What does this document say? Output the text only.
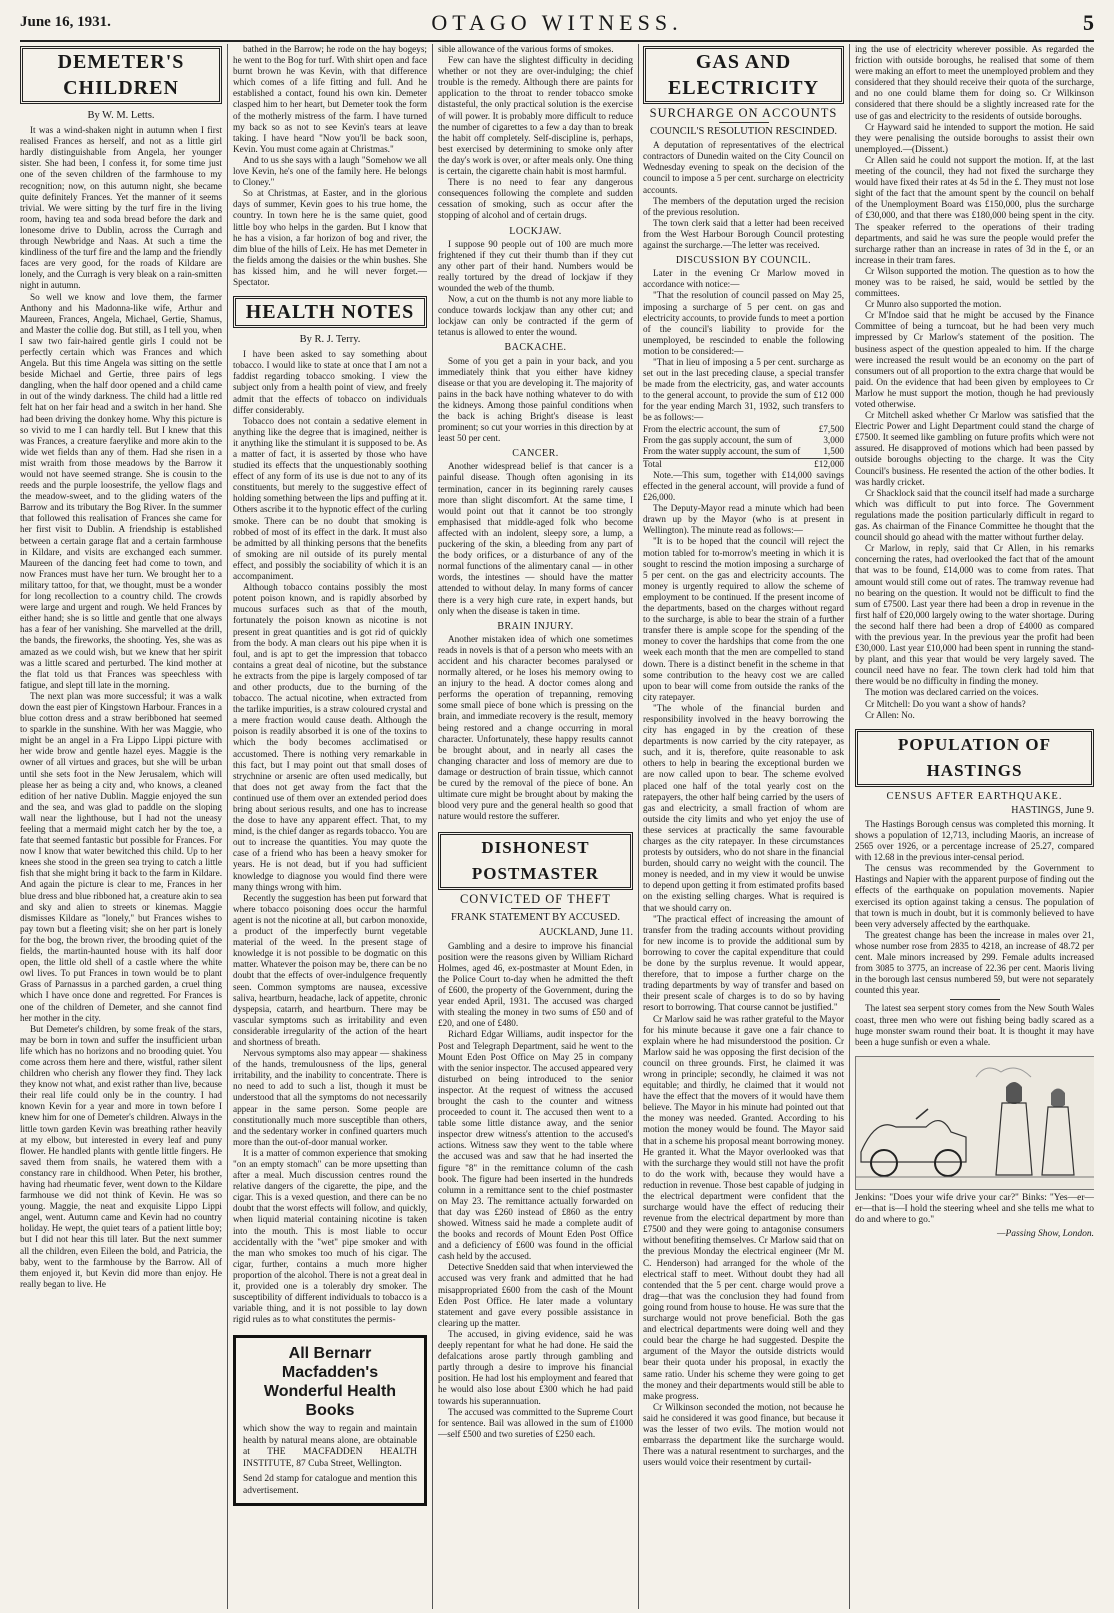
June 16, 1931.	OTAGO WITNESS.	5
DEMETER'S CHILDREN
By W. M. Letts.

It was a wind-shaken night in autumn when I first realised Frances as herself, and not as a little girl hardly distinguishable from Angela, her younger sister. She had been, I confess it, for some time just one of the seven children of the farmhouse to my recognition; now, on this autumn night, she became quite definitely Frances. Yet the manner of it seems trivial. We were sitting by the turf fire in the living room, having tea and soda bread before the dark and lonesome drive to Dublin, across the Curragh and through Newbridge and Naas. At such a time the kindliness of the turf fire and the lamp and the friendly faces are very good, for the roads of Kildare are lonely, and the Curragh is very bleak on a rain-smitten night in autumn.

So well we know and love them, the farmer Anthony and his Madonna-like wife, Arthur and Maureen, Frances, Angela, Michael, Gertie, Shamus, and Master the collie dog. But still, as I tell you, when I saw two fair-haired gentle girls I could not be perfectly certain which was Frances and which Angela. But this time Angela was sitting on the settle beside Michael and Gertie, three pairs of legs dangling, when the half door opened and a child came in out of the windy darkness. The child had a little red felt hat on her fair head and a switch in her hand. She had been driving the donkey home. Why this picture is so vivid to me I can hardly tell. But I knew that this was Frances, a creature faerylike and more akin to the wide wet fields than any of them. Had she risen in a mist wraith from those meadows by the Barrow it would not have seemed strange. She is cousin to the reeds and the purple loosestrife, the yellow flags and the meadow-sweet, and to the gliding waters of the Barrow and its tributary the Bog River. In the summer that followed this realisation of Frances she came for her first visit to Dublin. A friendship is established between a certain garage flat and a certain farmhouse in Kildare, and visits are exchanged each summer. Maureen of the dancing feet had come to town, and now Frances must have her turn. We brought her to a military tattoo, for that, we thought, must be a wonder for long recollection to a country child. The crowds were large and urgent and rough. We held Frances by either hand; she is so little and gentle that one always has a fear of her vanishing. She marvelled at the drill, the bands, the fireworks, the shooting. Yes, she was as amazed as we could wish, but we knew that her spirit was a little scared and perturbed. The kind mother at the flat told us that Frances was speechless with fatigue, and slept till late in the morning.

The next plan was more successful; it was a walk down the east pier of Kingstown Harbour. Frances in a blue cotton dress and a straw beribboned hat seemed to sparkle in the sunshine. With her was Maggie, who might be an angel in a Fra Lippo Lippi picture with her wide brow and gentle hazel eyes. Maggie is the owner of all virtues and graces, but she will be urban until she sets foot in the New Jerusalem, which will please her as being a city and, who knows, a cleaned edition of her native Dublin. Maggie enjoyed the sun and the sea, and was glad to paddle on the sloping wall near the lighthouse, but I had not the uneasy feeling that a mermaid might catch her by the toe, a fate that seemed fantastic but possible for Frances. For now I know that water bewitched this child. Up to her knees she stood in the green sea trying to catch a little fish that she might bring it back to the farm in Kildare. And again the picture is clear to me, Frances in her blue dress and blue ribboned hat, a creature akin to sea and sky and alien to streets or kinemas. Maggie dismisses Kildare as "lonely," but Frances wishes to pay town but a fleeting visit; she on her part is lonely for the bog, the brown river, the brooding quiet of the fields, the martin-haunted house with its half door open, the little old shell of a castle where the white owl lives. To put Frances in town would be to plant Grass of Parnassus in a parched garden, a cruel thing which I have once done and regretted. For Frances is one of the children of Demeter, and she cannot find her mother in the city.

But Demeter's children, by some freak of the stars, may be born in town and suffer the insufficient urban life which has no horizons and no brooding quiet. You come across them here and there, wistful, rather silent children who cherish any flower they find. They lack they know not what, and exist rather than live, because their real life could only be in the country. I had known Kevin for a year and more in town before I knew him for one of Demeter's children. Always in the little town garden Kevin was breathing rather heavily at my elbow, but interested in every leaf and puny flower. He handled plants with gentle little fingers. He saved them from snails, he watered them with a constancy rare in childhood. When Peter, his brother, having had rheumatic fever, went down to the Kildare farmhouse we did not think of Kevin. He was so young. Maggie, the neat and exquisite Lippo Lippi angel, went. Autumn came and Kevin had no country holiday. He wept, the quiet tears of a patient little boy; but I did not hear this till later. But the next summer all the children, even Eileen the bold, and Patricia, the baby, went to the farmhouse by the Barrow. All of them enjoyed it, but Kevin did more than enjoy. He really began to live. He

bathed in the Barrow; he rode on the hay bogeys; he went to the Bog for turf. With shirt open and face burnt brown he was Kevin, with that difference which comes of a life fitting and full. And he established a contact, found his own kin. Demeter clasped him to her heart, but Demeter took the form of the motherly mistress of the farm. I have turned my back so as not to see Kevin's tears at leave taking. I have heard "Now you'll be back soon, Kevin. You must come again at Christmas."

And to us she says with a laugh "Somehow we all love Kevin, he's one of the family here. He belongs to Cloney."

So at Christmas, at Easter, and in the glorious days of summer, Kevin goes to his true home, the country. In town here he is the same quiet, good little boy who helps in the garden. But I know that he has a vision, a far horizon of bog and river, the dim blue of the hills of Leix. He has met Demeter in the fields among the daisies or the whin bushes. She has kissed him, and he will never forget.—Spectator.

HEALTH NOTES
By R. J. Terry.

I have been asked to say something about tobacco. I would like to state at once that I am not a faddist regarding tobacco smoking. I view the subject only from a health point of view, and freely admit that the effects of tobacco on individuals differ considerably.

Tobacco does not contain a sedative element in anything like the degree that is imagined, neither is it anything like the stimulant it is supposed to be. As a matter of fact, it is asserted by those who have studied its effects that the unquestionably soothing effect of any form of its use is due not to any of its constituents, but merely to the suggestive effect of holding something between the lips and puffing at it. Others ascribe it to the hypnotic effect of the curling smoke. There can be no doubt that smoking is robbed of most of its effect in the dark. It must also be admitted by all thinking persons that the benefits of smoking are nil outside of its purely mental effect, and possibly the sociability of which it is an accompaniment.

Although tobacco contains possibly the most potent poison known, and is rapidly absorbed by mucous surfaces such as that of the mouth, fortunately the poison known as nicotine is not present in great quantities and is got rid of quickly from the body. A man clears out his pipe when it is foul, and is apt to get the impression that tobacco contains a great deal of nicotine, but the substance he extracts from the pipe is largely composed of tar and other products, due to the burning of the tobacco. The actual nicotine, when extracted from the tarlike impurities, is a straw coloured crystal and a mere fraction would cause death. Although the poison is readily absorbed it is one of the toxins to which the body becomes acclimatised or accustomed. There is nothing very remarkable in this fact, but I may point out that small doses of strychnine or arsenic are often used medically, but that does not get away from the fact that the continued use of them over an extended period does bring about serious results, and one has to increase the dose to have any apparent effect. That, to my mind, is the chief danger as regards tobacco. You are out to increase the quantities. You may quote the case of a friend who has been a heavy smoker for years. He is not dead, but if you had sufficient knowledge to diagnose you would find there were many things wrong with him.

Recently the suggestion has been put forward that where tobacco poisoning does occur the harmful agent is not the nicotine at all, but carbon monoxide, a product of the imperfectly burnt vegetable material of the weed. In the present stage of knowledge it is not possible to be dogmatic on this matter. Whatever the poison may be, there can be no doubt that the effects of over-indulgence frequently seen. Common symptoms are nausea, excessive saliva, heartburn, headache, lack of appetite, chronic dyspepsia, catarrh, and heartburn. There may be vascular symptoms such as irritability and even considerable irregularity of the action of the heart and shortness of breath.

Nervous symptoms also may appear — shakiness of the hands, tremulousness of the lips, general irritability, and the inability to concentrate. There is no need to add to such a list, though it must be understood that all the symptoms do not necessarily appear in the same person. Some people are constitutionally much more susceptible than others, and the sedentary worker in confined quarters much more than the out-of-door manual worker.

It is a matter of common experience that smoking "on an empty stomach" can be more upsetting than after a meal. Much discussion centres round the relative dangers of the cigarette, the pipe, and the cigar. This is a vexed question, and there can be no doubt that the worst effects will follow, and quickly, when liquid material containing nicotine is taken into the mouth. This is most liable to occur accidentally with the "wet" pipe smoker and with the man who smokes too much of his cigar. The cigar, further, contains a much more higher proportion of the alcohol. There is not a great deal in it, provided one is a tolerably dry smoker. The susceptibility of different individuals to tobacco is a variable thing, and it is not possible to lay down rigid rules as to what constitutes the permis-

All Bernarr Macfadden's Wonderful Health Books
which show the way to regain and maintain health by natural means alone, are obtainable at THE MACFADDEN HEALTH INSTITUTE, 87 Cuba Street, Wellington.
Send 2d stamp for catalogue and mention this advertisement.

sible allowance of the various forms of smokes.

Few can have the slightest difficulty in deciding whether or not they are over-indulging; the chief trouble is the remedy. Although there are paints for application to the throat to render tobacco smoke distasteful, the only practical solution is the exercise of will power. It is probably more difficult to reduce the number of cigarettes to a few a day than to break the habit off completely. Self-discipline is, perhaps, best exercised by determining to smoke only after the day's work is over, or after meals only. One thing is certain, the cigarette chain habit is most harmful.

There is no need to fear any dangerous consequences following the complete and sudden cessation of smoking, such as occur after the stopping of alcohol and of certain drugs.

LOCKJAW.

I suppose 90 people out of 100 are much more frightened if they cut their thumb than if they cut any other part of their hand. Numbers would be really tortured by the dread of lockjaw if they wounded the web of the thumb.

Now, a cut on the thumb is not any more liable to conduce towards lockjaw than any other cut; and lockjaw can only be contracted if the germ of tetanus is allowed to enter the wound.

BACKACHE.

Some of you get a pain in your back, and you immediately think that you either have kidney disease or that you are developing it. The majority of pains in the back have nothing whatever to do with the kidneys. Among those painful conditions when the back is aching Bright's disease is least prominent; so cut your worries in this direction by at least 50 per cent.

CANCER.

Another widespread belief is that cancer is a painful disease. Though often agonising in its termination, cancer in its beginning rarely causes more than slight discomfort. At the same time, I would point out that it cannot be too strongly emphasised that middle-aged folk who become affected with an indolent, sleepy sore, a lump, a puckering of the skin, a bleeding from any part of the body orifices, or a disturbance of any of the normal functions of the alimentary canal — in other words, the intestines — should have the matter attended to without delay. In many forms of cancer there is a very high cure rate, in expert hands, but only when the disease is taken in time.

BRAIN INJURY.

Another mistaken idea of which one sometimes reads in novels is that of a person who meets with an accident and his character becomes paralysed or normally altered, or he loses his memory owing to an injury to the head. A doctor comes along and performs the operation of trepanning, removing some small piece of bone which is pressing on the brain, and immediate recovery is the result, memory being restored and a change occurring in moral character. Unfortunately, these happy results cannot be brought about, and in nearly all cases the changing character and loss of memory are due to damage or destruction of brain tissue, which cannot be cured by the removal of the piece of bone. An ultimate cure might be brought about by making the blood very pure and the general health so good that nature would restore the sufferer.

DISHONEST POSTMASTER
CONVICTED OF THEFT
FRANK STATEMENT BY ACCUSED.
AUCKLAND, June 11.

Gambling and a desire to improve his financial position were the reasons given by William Richard Holmes, aged 46, ex-postmaster at Mount Eden, in the Police Court to-day when he admitted the theft of £600, the property of the Government, during the year ended April, 1931. The accused was charged with stealing the money in two sums of £50 and of £20, and one of £480.

Richard Edgar Williams, audit inspector for the Post and Telegraph Department, said he went to the Mount Eden Post Office on May 25 in company with the senior inspector. The accused appeared very disturbed on being introduced to the senior inspector. At the request of witness the accused brought the cash to the counter and witness proceeded to count it. The accused then went to a table some little distance away, and the senior inspector drew witness's attention to the accused's actions. Witness saw they went to the table where the accused was and saw that he had inserted the figure "8" in the remittance column of the cash book. The figure had been inserted in the hundreds column in a remittance sent to the chief postmaster on May 23. The remittance actually forwarded on that day was £260 instead of £860 as the entry showed. Witness said he made a complete audit of the books and records of Mount Eden Post Office and a deficiency of £600 was found in the official cash held by the accused.

Detective Snedden said that when interviewed the accused was very frank and admitted that he had misappropriated £600 from the cash of the Mount Eden Post Office. He later made a voluntary statement and gave every possible assistance in clearing up the matter.

The accused, in giving evidence, said he was deeply repentant for what he had done. He said the defalcations arose partly through gambling and partly through a desire to improve his financial position. He had lost his employment and feared that he would also lose about £300 which he had paid towards his superannuation.

The accused was committed to the Supreme Court for sentence. Bail was allowed in the sum of £1000—self £500 and two sureties of £250 each.

GAS AND ELECTRICITY
SURCHARGE ON ACCOUNTS
COUNCIL'S RESOLUTION RESCINDED.

A deputation of representatives of the electrical contractors of Dunedin waited on the City Council on Wednesday evening to speak on the decision of the council to impose a 5 per cent. surcharge on electricity accounts.

The members of the deputation urged the recision of the previous resolution.

The town clerk said that a letter had been received from the West Harbour Borough Council protesting against the surcharge.—The letter was received.

DISCUSSION BY COUNCIL.

Later in the evening Cr Marlow moved in accordance with notice:—

"That the resolution of council passed on May 25, imposing a surcharge of 5 per cent. on gas and electricity accounts, to provide funds to meet a portion of the council's liability to provide for the unemployed, be rescinded to enable the following motion to be considered:—

"That in lieu of imposing a 5 per cent. surcharge as set out in the last preceding clause, a special transfer be made from the electricity, gas, and water accounts to the general account, to provide the sum of £12 000 for the year ending March 31, 1932, such transfers to be as follows:—

From the electric account, the sum of	£7,500
From the gas supply account, the sum of	3,000
From the water supply account, the sum of	1,500
Total	£12,000

Note.—This sum, together with £14,000 savings effected in the general account, will provide a fund of £26,000.

The Deputy-Mayor read a minute which had been drawn up by the Mayor (who is at present in Wellington). The minute read as follows:—

"It is to be hoped that the council will reject the motion tabled for to-morrow's meeting in which it is sought to rescind the motion imposing a surcharge of 5 per cent. on the gas and electricity accounts. The money is urgently required to allow the scheme of employment to be continued. If the present income of the departments, based on the charges without regard to the surcharge, is able to bear the strain of a further transfer there is ample scope for the spending of the money to cover the hardships that come from the one week each month that the men are compelled to stand down. There is a distinct benefit in the scheme in that some contribution to the heavy cost we are called upon to bear will come from outside the ranks of the city ratepayer.

"The whole of the financial burden and responsibility involved in the heavy borrowing the city has engaged in by the creation of these departments is now carried by the city ratepayer, as such, and it is, therefore, quite reasonable to ask others to help in bearing the exceptional burden we are now called upon to bear. The scheme evolved placed one half of the total yearly cost on the ratepayers, the other half being carried by the users of gas and electricity, a small fraction of whom are outside the city limits and who yet enjoy the use of these services at practically the same favourable charges as the city ratepayer. In these circumstances protests by outsiders, who do not share in the financial burden, should carry no weight with the council. The money is needed, and in my view it would be unwise to depend upon getting it from estimated profits based on the existing selling charges. What is required is that we should carry on.

"The practical effect of increasing the amount of transfer from the trading accounts without providing for new income is to provide the additional sum by borrowing to cover the capital expenditure that could be done by the surplus revenue. It would appear, therefore, that to impose a further charge on the trading departments by way of transfer and based on their present scale of charges is to do so by having resort to borrowing. That course cannot be justified."

Cr Marlow said he was rather grateful to the Mayor for his minute because it gave one a fair chance to explain where he had misunderstood the position. Cr Marlow said he was opposing the first decision of the council on three grounds. First, he claimed it was wrong in principle; secondly, he claimed it was not equitable; and thirdly, he claimed that it would not have the effect that the movers of it would have them believe. The Mayor in his minute had pointed out that the money was needed. Granted. According to his motion the money would be found. The Mayor said that in a scheme his proposal meant borrowing money. He granted it. What the Mayor overlooked was that with the surcharge they would still not have the profit to do the work with, because they would have a reduction in revenue. Those best capable of judging in the electrical department were confident that the surcharge would have the effect of reducing their revenue from the electrical department by more than £7500 and they were going to antagonise consumers without benefiting themselves. Cr Marlow said that on the previous Monday the electrical engineer (Mr M. C. Henderson) had arranged for the whole of the electrical staff to meet. Without doubt they had all contended that the 5 per cent. charge would prove a drag—that was the conclusion they had found from going round from house to house. He was sure that the surcharge would not prove beneficial. Both the gas and electrical departments were doing well and they could bear the charge he had suggested. Despite the argument of the Mayor the outside districts would bear their quota under his proposal, in exactly the same ratio. Under his scheme they were going to get the money and their departments would still be able to make progress.

Cr Wilkinson seconded the motion, not because he said he considered it was good finance, but because it was the lesser of two evils. The motion would not embarrass the department like the surcharge would. There was a natural resentment to surcharges, and the users would voice their resentment by curtail-

ing the use of electricity wherever possible. As regarded the friction with outside boroughs, he realised that some of them were making an effort to meet the unemployed problem and they considered that they should receive their quota of the surcharge, and no one could blame them for doing so. Cr Wilkinson considered that there should be a slightly increased rate for the use of gas and electricity to the residents of outside boroughs.

Cr Hayward said he intended to support the motion. He said they were penalising the outside boroughs to assist their own unemployed.—(Dissent.)

Cr Allen said he could not support the motion. If, at the last meeting of the council, they had not fixed the surcharge they would have fixed their rates at 4s 5d in the £. They must not lose sight of the fact that the amount spent by the council on behalf of the Unemployment Board was £150,000, plus the surcharge of £30,000, and that there was £180,000 being spent in the city. The speaker referred to the operations of their trading departments, and said he was sure the people would prefer the surcharge rather than an increase in rates of 3d in the £, or an increase in their tram fares.

Cr Wilson supported the motion. The question as to how the money was to be raised, he said, would be settled by the committees.

Cr Munro also supported the motion.

Cr M'Indoe said that he might be accused by the Finance Committee of being a turncoat, but he had been very much impressed by Cr Marlow's statement of the position. The business aspect of the question appealed to him. If the charge were increased the result would be an economy on the part of consumers out of all proportion to the extra charge that would be paid. On the evidence that had been given by employees to Cr Marlow he must support the motion, though he had previously voted otherwise.

Cr Mitchell asked whether Cr Marlow was satisfied that the Electric Power and Light Department could stand the charge of £7500. It seemed like gambling on future profits which were not assured. He disapproved of motions which had been passed by outside boroughs objecting to the charge. It was the City Council's business. He resented the action of the other bodies. It was hardly cricket.

Cr Shacklock said that the council itself had made a surcharge which was difficult to put into force. The Government regulations made the position particularly difficult in regard to gas. As chairman of the Finance Committee he thought that the council should go ahead with the matter without further delay.

Cr Marlow, in reply, said that Cr Allen, in his remarks concerning the rates, had overlooked the fact that of the amount that was to be found, £14,000 was to come from rates. That amount would still come out of rates. The tramway revenue had no bearing on the question. It would not be difficult to find the sum of £7500. Last year there had been a drop in revenue in the first half of £20,000 largely owing to the water shortage. During the second half there had been a drop of £4000 as compared with the previous year. In the previous year the profit had been £30,000. Last year £10,000 had been spent in running the stand-by plant, and this year that would be very largely saved. The council need have no fear. The town clerk had told him that there would be no difficulty in finding the money.

The motion was declared carried on the voices.

Cr Mitchell: Do you want a show of hands?

Cr Allen: No.

POPULATION OF HASTINGS
CENSUS AFTER EARTHQUAKE.
HASTINGS, June 9.

The Hastings Borough census was completed this morning. It shows a population of 12,713, including Maoris, an increase of 2565 over 1926, or a percentage increase of 25.27, compared with 12.68 in the previous inter-censal period.

The census was recommended by the Government to Hastings and Napier with the apparent purpose of finding out the effects of the earthquake on population movements. Napier exercised its option against taking a census. The population of that town is much in doubt, but it is commonly believed to have been very adversely affected by the earthquake.

The greatest change has been the increase in males over 21, whose number rose from 2835 to 4218, an increase of 48.72 per cent. Male minors increased by 299. Female adults increased from 3085 to 3775, an increase of 22.36 per cent. Maoris living in the borough last census numbered 59, but were not separately counted this year.

The latest sea serpent story comes from the New South Wales coast, three men who were out fishing being badly scared as a huge monster swam round their boat. It is thought it may have been a huge sunfish or even a whale.

Jenkins: "Does your wife drive your car?" Binks: "Yes—er—er—that is—I hold the steering wheel and she tells me what to do and where to go."
—Passing Show, London.
